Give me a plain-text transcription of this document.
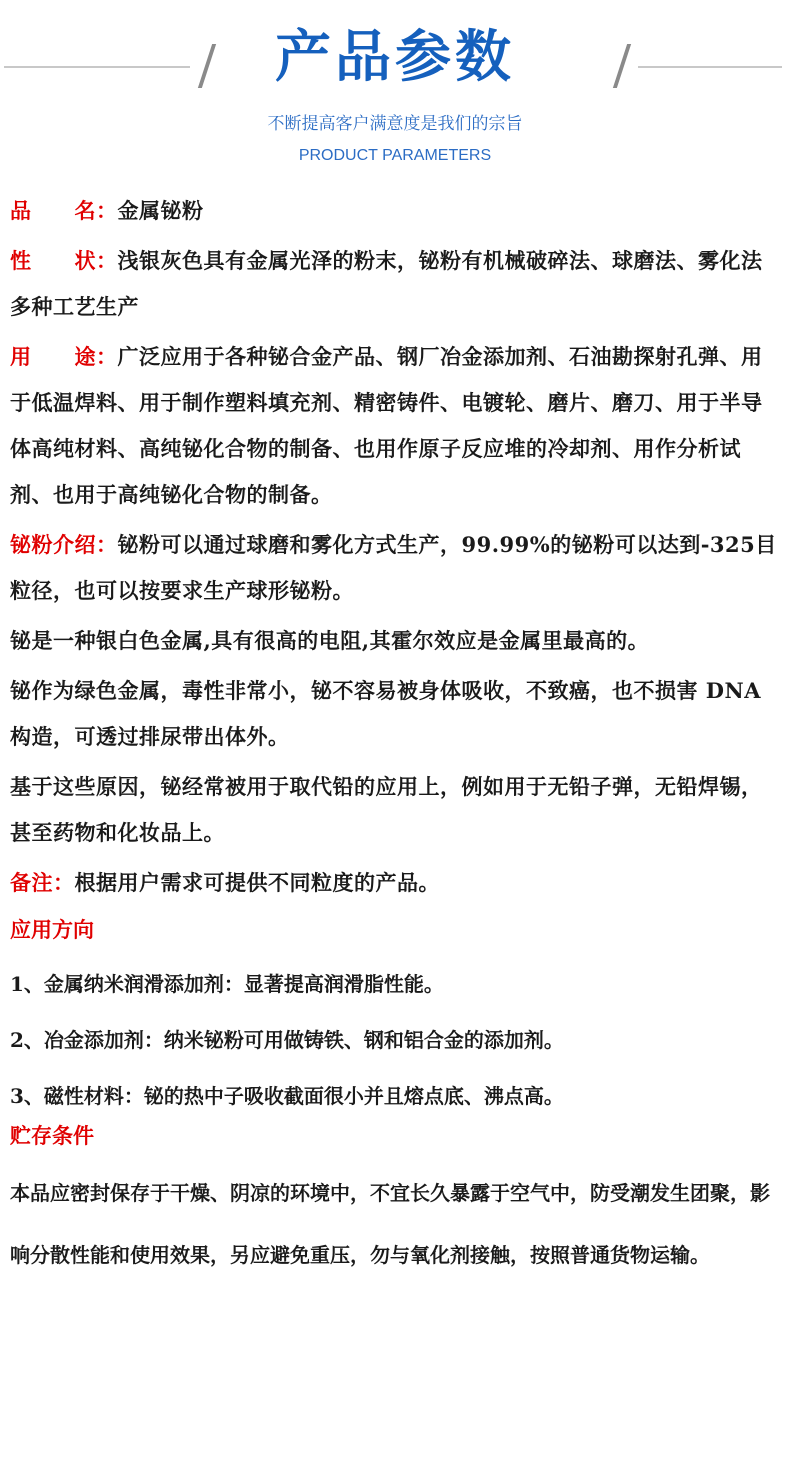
产品参数
不断提高客户满意度是我们的宗旨
PRODUCT PARAMETERS

品　　名：金属铋粉

性　　状：浅银灰色具有金属光泽的粉末，铋粉有机械破碎法、球磨法、雾化法多种工艺生产

用　　途：广泛应用于各种铋合金产品、钢厂冶金添加剂、石油勘探射孔弹、用于低温焊料、用于制作塑料填充剂、精密铸件、电镀轮、磨片、磨刀、用于半导体高纯材料、高纯铋化合物的制备、也用作原子反应堆的冷却剂、用作分析试剂、也用于高纯铋化合物的制备。

铋粉介绍：铋粉可以通过球磨和雾化方式生产，99.99%的铋粉可以达到-325目粒径，也可以按要求生产球形铋粉。

铋是一种银白色金属,具有很高的电阻,其霍尔效应是金属里最高的。

铋作为绿色金属，毒性非常小，铋不容易被身体吸收，不致癌，也不损害 DNA 构造，可透过排尿带出体外。

基于这些原因，铋经常被用于取代铅的应用上，例如用于无铅子弹，无铅焊锡，甚至药物和化妆品上。

备注：根据用户需求可提供不同粒度的产品。

应用方向
1、金属纳米润滑添加剂：显著提高润滑脂性能。
2、冶金添加剂：纳米铋粉可用做铸铁、钢和铝合金的添加剂。
3、磁性材料：铋的热中子吸收截面很小并且熔点底、沸点高。
贮存条件

本品应密封保存于干燥、阴凉的环境中，不宜长久暴露于空气中，防受潮发生团聚，影响分散性能和使用效果，另应避免重压，勿与氧化剂接触，按照普通货物运输。
